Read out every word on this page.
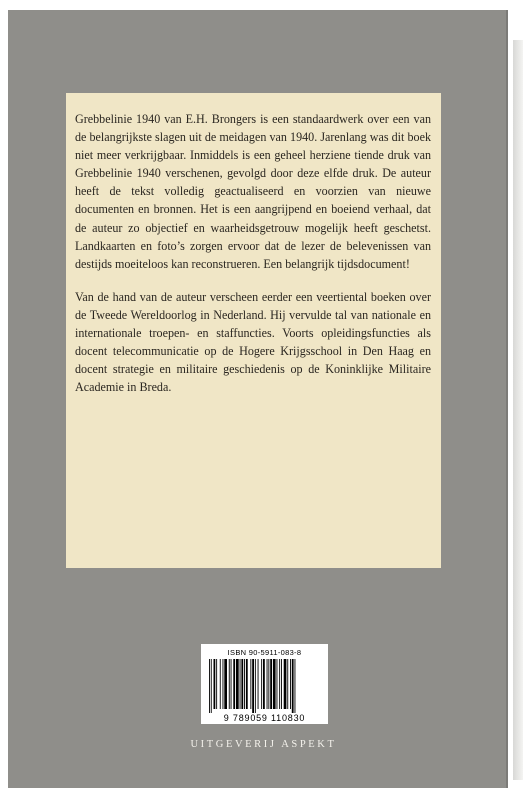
Grebbelinie 1940 van E.H. Brongers is een standaardwerk over een van de belangrijkste slagen uit de meidagen van 1940. Jarenlang was dit boek niet meer verkrijgbaar. Inmiddels is een geheel herziene tiende druk van Grebbelinie 1940 verschenen, gevolgd door deze elfde druk. De auteur heeft de tekst volledig geactualiseerd en voorzien van nieuwe documenten en bronnen. Het is een aangrijpend en boeiend verhaal, dat de auteur zo objectief en waarheidsgetrouw mogelijk heeft geschetst. Landkaarten en foto’s zorgen ervoor dat de lezer de belevenissen van destijds moeiteloos kan reconstrueren. Een belangrijk tijdsdocument!

Van de hand van de auteur verscheen eerder een veertiental boeken over de Tweede Wereldoorlog in Nederland. Hij vervulde tal van nationale en internationale troepen- en staffuncties. Voorts opleidingsfuncties als docent telecommunicatie op de Hogere Krijgsschool in Den Haag en docent strategie en militaire geschiedenis op de Koninklijke Militaire Academie in Breda.

ISBN 90-5911-083-8
9 789059 110830
UITGEVERIJ ASPEKT
